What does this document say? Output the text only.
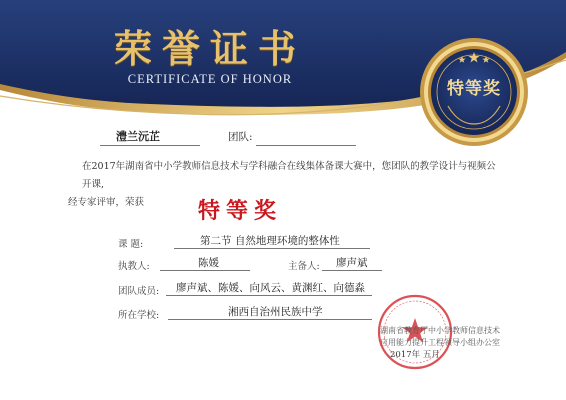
荣誉证书
CERTIFICATE OF HONOR	特等奖
澧兰沅芷	团队:
在2017年湖南省中小学教师信息技术与学科融合在线集体备课大赛中，您团队的教学设计与视频公开课,
经专家评审，荣获	特等奖
课 题:	第二节 自然地理环境的整体性
执教人:	陈媛	主备人: 廖声斌
团队成员: 廖声斌、陈媛、向风云、黄渊红、向德淼
所在学校:	湘西自治州民族中学
湖南省教育厅中小学教师信息技术
应用能力提升工程领导小组办公室
2017年 五月
